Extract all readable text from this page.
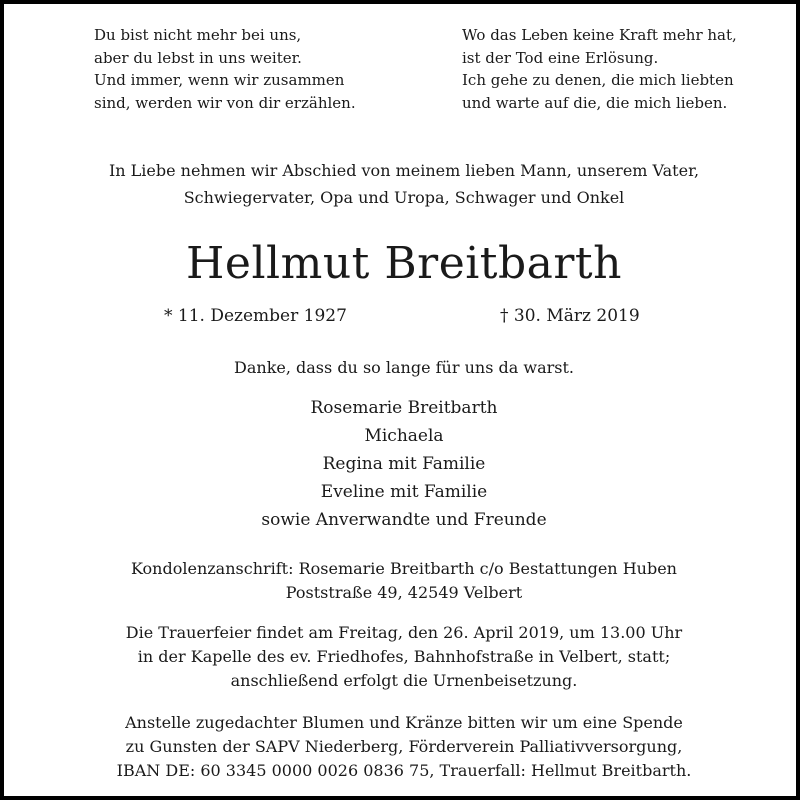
Du bist nicht mehr bei uns,
aber du lebst in uns weiter.
Und immer, wenn wir zusammen
sind, werden wir von dir erzählen.
Wo das Leben keine Kraft mehr hat,
ist der Tod eine Erlösung.
Ich gehe zu denen, die mich liebten
und warte auf die, die mich lieben.
In Liebe nehmen wir Abschied von meinem lieben Mann, unserem Vater,
Schwiegervater, Opa und Uropa, Schwager und Onkel
Hellmut Breitbarth
* 11. Dezember 1927	† 30. März 2019
Danke, dass du so lange für uns da warst.
Rosemarie Breitbarth
Michaela
Regina mit Familie
Eveline mit Familie
sowie Anverwandte und Freunde
Kondolenzanschrift: Rosemarie Breitbarth c/o Bestattungen Huben
Poststraße 49, 42549 Velbert
Die Trauerfeier findet am Freitag, den 26. April 2019, um 13.00 Uhr
in der Kapelle des ev. Friedhofes, Bahnhofstraße in Velbert, statt;
anschließend erfolgt die Urnenbeisetzung.
Anstelle zugedachter Blumen und Kränze bitten wir um eine Spende
zu Gunsten der SAPV Niederberg, Förderverein Palliativversorgung,
IBAN DE: 60 3345 0000 0026 0836 75, Trauerfall: Hellmut Breitbarth.
